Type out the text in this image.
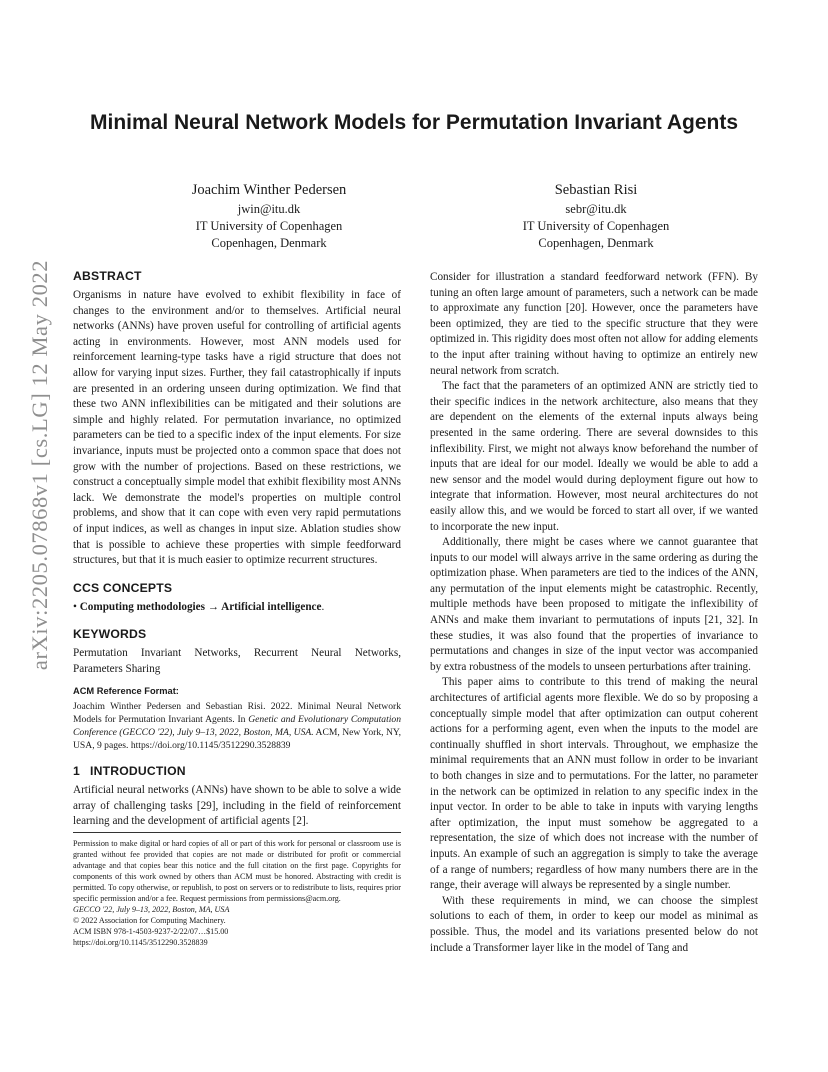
arXiv:2205.07868v1 [cs.LG] 12 May 2022
Minimal Neural Network Models for Permutation Invariant Agents
Joachim Winther Pedersen
jwin@itu.dk
IT University of Copenhagen
Copenhagen, Denmark
Sebastian Risi
sebr@itu.dk
IT University of Copenhagen
Copenhagen, Denmark
ABSTRACT

Organisms in nature have evolved to exhibit flexibility in face of changes to the environment and/or to themselves. Artificial neural networks (ANNs) have proven useful for controlling of artificial agents acting in environments. However, most ANN models used for reinforcement learning-type tasks have a rigid structure that does not allow for varying input sizes. Further, they fail catastrophically if inputs are presented in an ordering unseen during optimization. We find that these two ANN inflexibilities can be mitigated and their solutions are simple and highly related. For permutation invariance, no optimized parameters can be tied to a specific index of the input elements. For size invariance, inputs must be projected onto a common space that does not grow with the number of projections. Based on these restrictions, we construct a conceptually simple model that exhibit flexibility most ANNs lack. We demonstrate the model's properties on multiple control problems, and show that it can cope with even very rapid permutations of input indices, as well as changes in input size. Ablation studies show that is possible to achieve these properties with simple feedforward structures, but that it is much easier to optimize recurrent structures.

CCS CONCEPTS

• Computing methodologies → Artificial intelligence.

KEYWORDS

Permutation Invariant Networks, Recurrent Neural Networks, Parameters Sharing

ACM Reference Format:

Joachim Winther Pedersen and Sebastian Risi. 2022. Minimal Neural Network Models for Permutation Invariant Agents. In Genetic and Evolutionary Computation Conference (GECCO '22), July 9–13, 2022, Boston, MA, USA. ACM, New York, NY, USA, 9 pages. https://doi.org/10.1145/3512290.3528839

1 INTRODUCTION

Artificial neural networks (ANNs) have shown to be able to solve a wide array of challenging tasks [29], including in the field of reinforcement learning and the development of artificial agents [2].

Permission to make digital or hard copies of all or part of this work for personal or classroom use is granted without fee provided that copies are not made or distributed for profit or commercial advantage and that copies bear this notice and the full citation on the first page. Copyrights for components of this work owned by others than ACM must be honored. Abstracting with credit is permitted. To copy otherwise, or republish, to post on servers or to redistribute to lists, requires prior specific permission and/or a fee. Request permissions from permissions@acm.org.
GECCO '22, July 9–13, 2022, Boston, MA, USA
© 2022 Association for Computing Machinery.
ACM ISBN 978-1-4503-9237-2/22/07…$15.00
https://doi.org/10.1145/3512290.3528839

Consider for illustration a standard feedforward network (FFN). By tuning an often large amount of parameters, such a network can be made to approximate any function [20]. However, once the parameters have been optimized, they are tied to the specific structure that they were optimized in. This rigidity does most often not allow for adding elements to the input after training without having to optimize an entirely new neural network from scratch.

The fact that the parameters of an optimized ANN are strictly tied to their specific indices in the network architecture, also means that they are dependent on the elements of the external inputs always being presented in the same ordering. There are several downsides to this inflexibility. First, we might not always know beforehand the number of inputs that are ideal for our model. Ideally we would be able to add a new sensor and the model would during deployment figure out how to integrate that information. However, most neural architectures do not easily allow this, and we would be forced to start all over, if we wanted to incorporate the new input.

Additionally, there might be cases where we cannot guarantee that inputs to our model will always arrive in the same ordering as during the optimization phase. When parameters are tied to the indices of the ANN, any permutation of the input elements might be catastrophic. Recently, multiple methods have been proposed to mitigate the inflexibility of ANNs and make them invariant to permutations of inputs [21, 32]. In these studies, it was also found that the properties of invariance to permutations and changes in size of the input vector was accompanied by extra robustness of the models to unseen perturbations after training.

This paper aims to contribute to this trend of making the neural architectures of artificial agents more flexible. We do so by proposing a conceptually simple model that after optimization can output coherent actions for a performing agent, even when the inputs to the model are continually shuffled in short intervals. Throughout, we emphasize the minimal requirements that an ANN must follow in order to be invariant to both changes in size and to permutations. For the latter, no parameter in the network can be optimized in relation to any specific index in the input vector. In order to be able to take in inputs with varying lengths after optimization, the input must somehow be aggregated to a representation, the size of which does not increase with the number of inputs. An example of such an aggregation is simply to take the average of a range of numbers; regardless of how many numbers there are in the range, their average will always be represented by a single number.

With these requirements in mind, we can choose the simplest solutions to each of them, in order to keep our model as minimal as possible. Thus, the model and its variations presented below do not include a Transformer layer like in the model of Tang and
